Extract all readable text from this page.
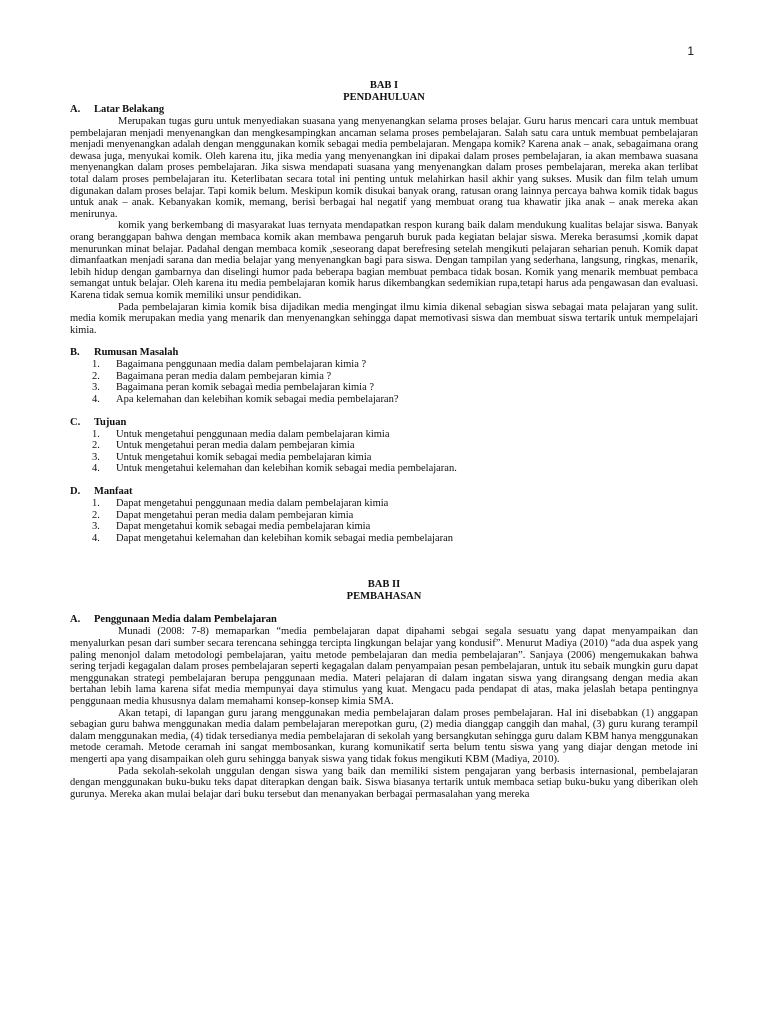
1
BAB I
PENDAHULUAN
A.	Latar Belakang

Merupakan tugas guru untuk menyediakan suasana yang menyenangkan selama proses belajar. Guru harus mencari cara untuk membuat pembelajaran menjadi menyenangkan dan mengkesampingkan ancaman selama proses pembelajaran. Salah satu cara untuk membuat pembelajaran menjadi menyenangkan adalah dengan menggunakan komik sebagai media pembelajaran. Mengapa komik? Karena anak – anak, sebagaimana orang dewasa juga, menyukai komik. Oleh karena itu, jika media yang menyenangkan ini dipakai dalam proses pembelajaran, ia akan membawa suasana menyenangkan dalam proses pembelajaran. Jika siswa mendapati suasana yang menyenangkan dalam proses pembelajaran, mereka akan terlibat total dalam proses pembelajaran itu. Keterlibatan secara total ini penting untuk melahirkan hasil akhir yang sukses. Musik dan film telah umum digunakan dalam proses belajar. Tapi komik belum. Meskipun komik disukai banyak orang, ratusan orang lainnya percaya bahwa komik tidak bagus untuk anak – anak. Kebanyakan komik, memang, berisi berbagai hal negatif yang membuat orang tua khawatir jika anak – anak mereka akan menirunya.

komik yang berkembang di masyarakat luas ternyata mendapatkan respon kurang baik dalam mendukung kualitas belajar siswa. Banyak orang beranggapan bahwa dengan membaca komik akan membawa pengaruh buruk pada kegiatan belajar siswa. Mereka berasumsi ,komik dapat menurunkan minat belajar. Padahal dengan membaca komik ,seseorang dapat berefresing setelah mengikuti pelajaran seharian penuh. Komik dapat dimanfaatkan menjadi sarana dan media belajar yang menyenangkan bagi para siswa. Dengan tampilan yang sederhana, langsung, ringkas, menarik, lebih hidup dengan gambarnya dan diselingi humor pada beberapa bagian membuat pembaca tidak bosan. Komik yang menarik membuat pembaca semangat untuk belajar. Oleh karena itu media pembelajaran komik harus dikembangkan sedemikian rupa,tetapi harus ada pengawasan dan evaluasi. Karena tidak semua komik memiliki unsur pendidikan.

Pada pembelajaran kimia komik bisa dijadikan media mengingat ilmu kimia dikenal sebagian siswa sebagai mata pelajaran yang sulit. media komik merupakan media yang menarik dan menyenangkan sehingga dapat memotivasi siswa dan membuat siswa tertarik untuk mempelajari kimia.

B.	Rumusan Masalah
1. Bagaimana penggunaan media dalam pembelajaran kimia ?
2. Bagaimana peran media dalam pembejaran kimia ?
3. Bagaimana peran komik sebagai media pembelajaran kimia ?
4. Apa kelemahan dan kelebihan komik sebagai media pembelajaran?
C.	Tujuan
1. Untuk mengetahui penggunaan media dalam pembelajaran kimia
2. Untuk mengetahui peran media dalam pembejaran kimia
3. Untuk mengetahui komik sebagai media pembelajaran kimia
4. Untuk mengetahui kelemahan dan kelebihan komik sebagai media pembelajaran.
D.	Manfaat
1. Dapat mengetahui penggunaan media dalam pembelajaran kimia
2. Dapat mengetahui peran media dalam pembejaran kimia
3. Dapat mengetahui komik sebagai media pembelajaran kimia
4. Dapat mengetahui kelemahan dan kelebihan komik sebagai media pembelajaran
BAB II
PEMBAHASAN
A.	Penggunaan Media dalam Pembelajaran

Munadi (2008: 7-8) memaparkan “media pembelajaran dapat dipahami sebgai segala sesuatu yang dapat menyampaikan dan menyalurkan pesan dari sumber secara terencana sehingga tercipta lingkungan belajar yang kondusif”. Menurut Madiya (2010) “ada dua aspek yang paling menonjol dalam metodologi pembelajaran, yaitu metode pembelajaran dan media pembelajaran”. Sanjaya (2006) mengemukakan bahwa sering terjadi kegagalan dalam proses pembelajaran seperti kegagalan dalam penyampaian pesan pembelajaran, untuk itu sebaik mungkin guru dapat menggunakan strategi pembelajaran berupa penggunaan media. Materi pelajaran di dalam ingatan siswa yang dirangsang dengan media akan bertahan lebih lama karena sifat media mempunyai daya stimulus yang kuat. Mengacu pada pendapat di atas, maka jelaslah betapa pentingnya penggunaan media khususnya dalam memahami konsep-konsep kimia SMA.

Akan tetapi, di lapangan guru jarang menggunakan media pembelajaran dalam proses pembelajaran. Hal ini disebabkan (1) anggapan sebagian guru bahwa menggunakan media dalam pembelajaran merepotkan guru, (2) media dianggap canggih dan mahal, (3) guru kurang terampil dalam menggunakan media, (4) tidak tersedianya media pembelajaran di sekolah yang bersangkutan sehingga guru dalam KBM hanya menggunakan metode ceramah. Metode ceramah ini sangat membosankan, kurang komunikatif serta belum tentu siswa yang yang diajar dengan metode ini mengerti apa yang disampaikan oleh guru sehingga banyak siswa yang tidak fokus mengikuti KBM (Madiya, 2010).

Pada sekolah-sekolah unggulan dengan siswa yang baik dan memiliki sistem pengajaran yang berbasis internasional, pembelajaran dengan menggunakan buku-buku teks dapat diterapkan dengan baik. Siswa biasanya tertarik untuk membaca setiap buku-buku yang diberikan oleh gurunya. Mereka akan mulai belajar dari buku tersebut dan menanyakan berbagai permasalahan yang mereka
